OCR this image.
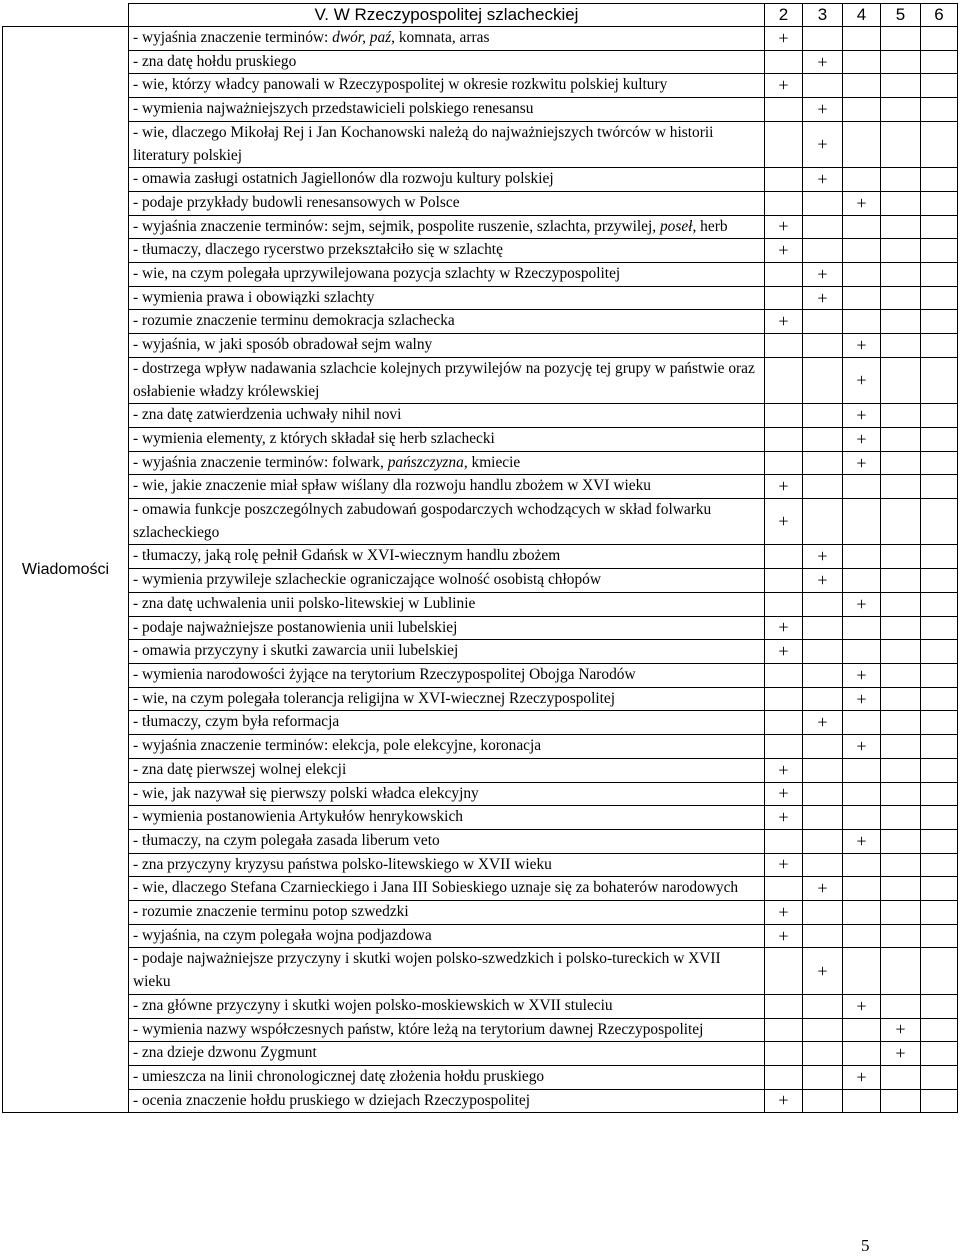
	V. W Rzeczypospolitej szlacheckiej	2	3	4	5	6
Wiadomości	- wyjaśnia znaczenie terminów: dwór, paź, komnata, arras	+				
	- zna datę hołdu pruskiego		+			
	- wie, którzy władcy panowali w Rzeczypospolitej w okresie rozkwitu polskiej kultury	+				
	- wymienia najważniejszych przedstawicieli polskiego renesansu		+			
	- wie, dlaczego Mikołaj Rej i Jan Kochanowski należą do najważniejszych twórców w historii literatury polskiej		+			
	- omawia zasługi ostatnich Jagiellonów dla rozwoju kultury polskiej		+			
	- podaje przykłady budowli renesansowych w Polsce			+		
	- wyjaśnia znaczenie terminów: sejm, sejmik, pospolite ruszenie, szlachta, przywilej, poseł, herb	+				
	- tłumaczy, dlaczego rycerstwo przekształciło się w szlachtę	+				
	- wie, na czym polegała uprzywilejowana pozycja szlachty w Rzeczypospolitej		+			
	- wymienia prawa i obowiązki szlachty		+			
	- rozumie znaczenie terminu demokracja szlachecka	+				
	- wyjaśnia, w jaki sposób obradował sejm walny			+		
	- dostrzega wpływ nadawania szlachcie kolejnych przywilejów na pozycję tej grupy w państwie oraz osłabienie władzy królewskiej			+		
	- zna datę zatwierdzenia uchwały nihil novi			+		
	- wymienia elementy, z których składał się herb szlachecki			+		
	- wyjaśnia znaczenie terminów: folwark, pańszczyzna, kmiecie			+		
	- wie, jakie znaczenie miał spław wiślany dla rozwoju handlu zbożem w XVI wieku	+				
	- omawia funkcje poszczególnych zabudowań gospodarczych wchodzących w skład folwarku szlacheckiego	+				
	- tłumaczy, jaką rolę pełnił Gdańsk w XVI-wiecznym handlu zbożem		+			
	- wymienia przywileje szlacheckie ograniczające wolność osobistą chłopów		+			
	- zna datę uchwalenia unii polsko-litewskiej w Lublinie			+		
	- podaje najważniejsze postanowienia unii lubelskiej	+				
	- omawia przyczyny i skutki zawarcia unii lubelskiej	+				
	- wymienia narodowości żyjące na terytorium Rzeczypospolitej Obojga Narodów			+		
	- wie, na czym polegała tolerancja religijna w XVI-wiecznej Rzeczypospolitej			+		
	- tłumaczy, czym była reformacja		+			
	- wyjaśnia znaczenie terminów: elekcja, pole elekcyjne, koronacja			+		
	- zna datę pierwszej wolnej elekcji	+				
	- wie, jak nazywał się pierwszy polski władca elekcyjny	+				
	- wymienia postanowienia Artykułów henrykowskich	+				
	- tłumaczy, na czym polegała zasada liberum veto			+		
	- zna przyczyny kryzysu państwa polsko-litewskiego w XVII wieku	+				
	- wie, dlaczego Stefana Czarnieckiego i Jana III Sobieskiego uznaje się za bohaterów narodowych		+			
	- rozumie znaczenie terminu potop szwedzki	+				
	- wyjaśnia, na czym polegała wojna podjazdowa	+				
	- podaje najważniejsze przyczyny i skutki wojen polsko-szwedzkich i polsko-tureckich w XVII wieku		+			
	- zna główne przyczyny i skutki wojen polsko-moskiewskich w XVII stuleciu			+		
	- wymienia nazwy współczesnych państw, które leżą na terytorium dawnej Rzeczypospolitej				+	
	- zna dzieje dzwonu Zygmunt				+	
	- umieszcza na linii chronologicznej datę złożenia hołdu pruskiego			+		
	- ocenia znaczenie hołdu pruskiego w dziejach Rzeczypospolitej	+				
5
